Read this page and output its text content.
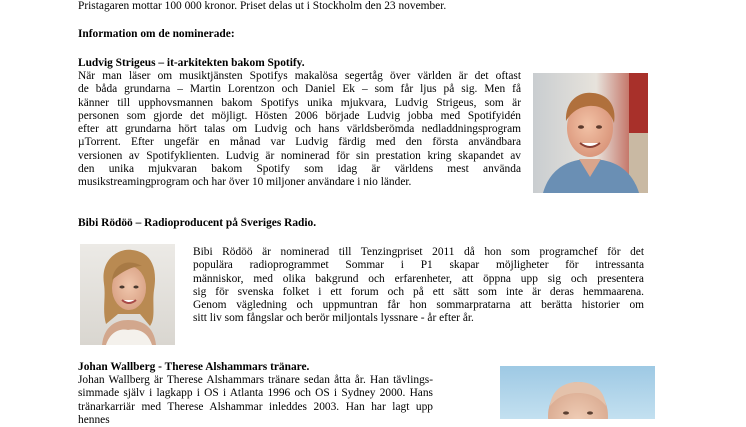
Pristagaren mottar 100 000 kronor. Priset delas ut i Stockholm den 23 november.
Information om de nominerade:
Ludvig Strigeus – it-arkitekten bakom Spotify.
När man läser om musiktjänsten Spotifys makalösa segertåg över världen är det oftast
de båda grundarna – Martin Lorentzon och Daniel Ek – som får ljus på sig. Men få
känner till upphovsmannen bakom Spotifys unika mjukvara, Ludvig Strigeus, som är
personen som gjorde det möjligt. Hösten 2006 började Ludvig jobba med Spotifyidén
efter att grundarna hört talas om Ludvig och hans världsberömda nedladdningsprogram
µTorrent. Efter ungefär en månad var Ludvig färdig med den första användbara
versionen av Spotifyklienten. Ludvig är nominerad för sin prestation kring skapandet av
den unika mjukvaran bakom Spotify som idag är världens mest använda
musikstreamingprogram och har över 10 miljoner användare i nio länder.
Bibi Rödöö – Radioproducent på Sveriges Radio.
Bibi Rödöö är nominerad till Tenzingpriset 2011 då hon som programchef för det
populära radioprogrammet Sommar i P1 skapar möjligheter för intressanta
människor, med olika bakgrund och erfarenheter, att öppna upp sig och presentera
sig för svenska folket i ett forum och på ett sätt som inte är deras hemmaarena.
Genom vägledning och uppmuntran får hon sommarpratarna att berätta historier om
sitt liv som fångslar och berör miljontals lyssnare - år efter år.
Johan Wallberg - Therese Alshammars tränare.
Johan Wallberg är Therese Alshammars tränare sedan åtta år. Han tävlings-
simmade själv i lagkapp i OS i Atlanta 1996 och OS i Sydney 2000. Hans
tränarkarriär med Therese Alshammar inleddes 2003. Han har lagt upp hennes
